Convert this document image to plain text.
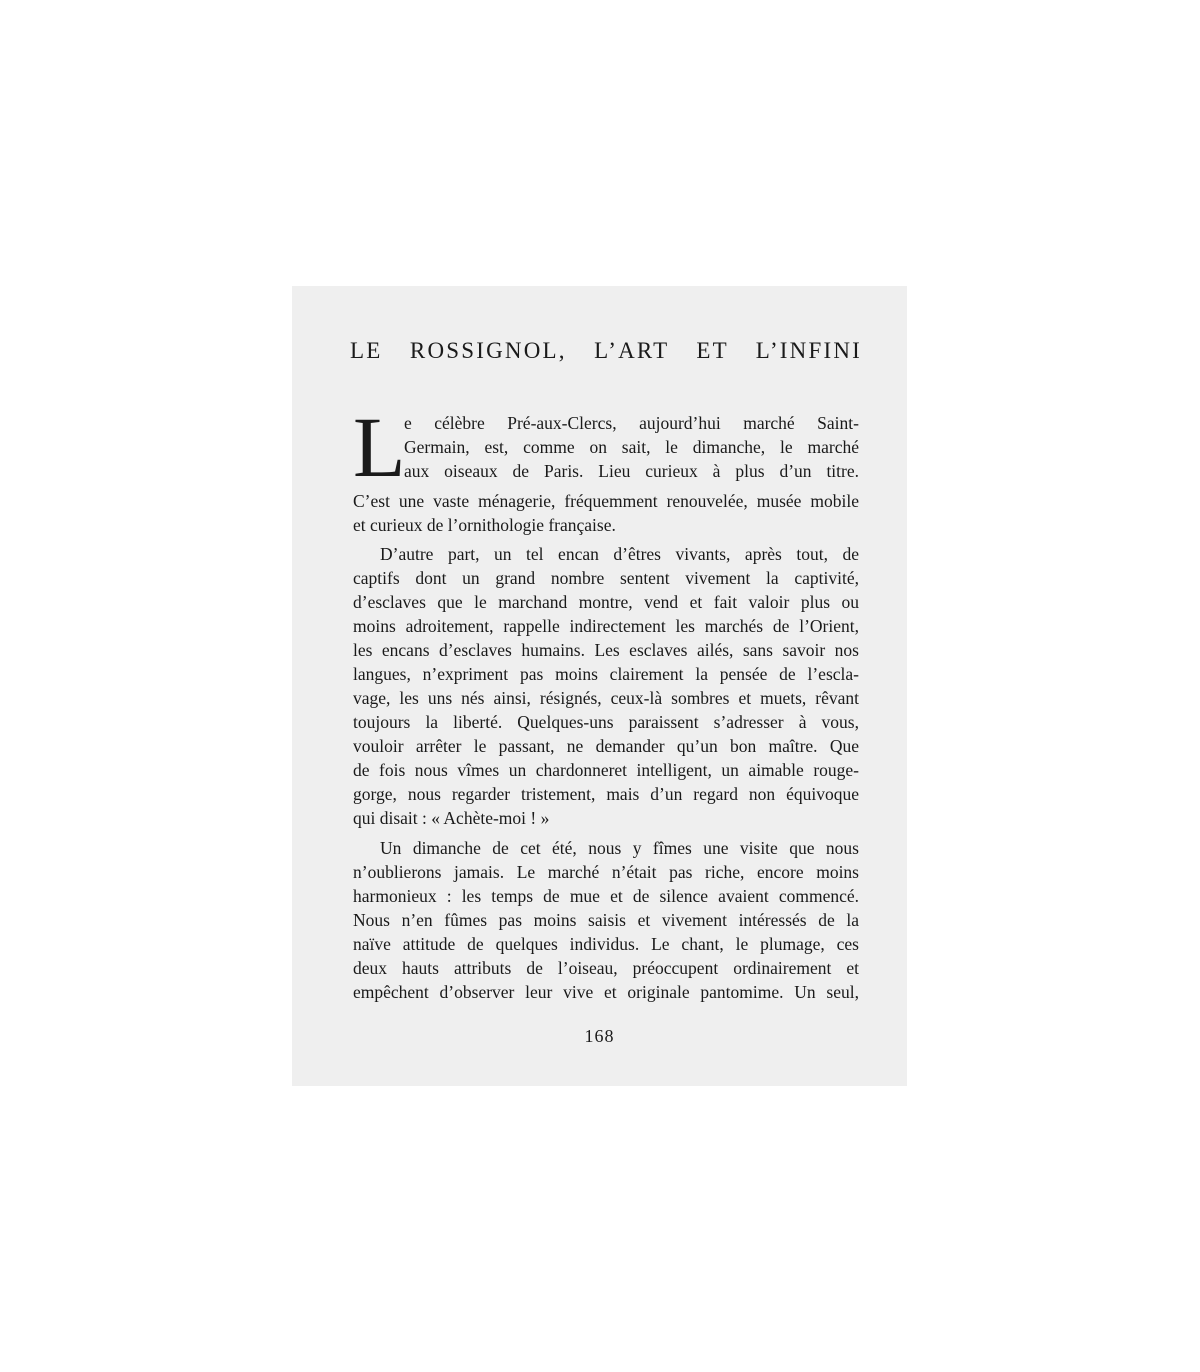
LE ROSSIGNOL, L’ART ET L’INFINI
L
e célèbre Pré-aux-Clercs, aujourd’hui marché Saint-
Germain, est, comme on sait, le dimanche, le marché
aux oiseaux de Paris. Lieu curieux à plus d’un titre.
C’est une vaste ménagerie, fréquemment renouvelée, musée mobile
et curieux de l’ornithologie française.
D’autre part, un tel encan d’êtres vivants, après tout, de
captifs dont un grand nombre sentent vivement la captivité,
d’esclaves que le marchand montre, vend et fait valoir plus ou
moins adroitement, rappelle indirectement les marchés de l’Orient,
les encans d’esclaves humains. Les esclaves ailés, sans savoir nos
langues, n’expriment pas moins clairement la pensée de l’escla-
vage, les uns nés ainsi, résignés, ceux-là sombres et muets, rêvant
toujours la liberté. Quelques-uns paraissent s’adresser à vous,
vouloir arrêter le passant, ne demander qu’un bon maître. Que
de fois nous vîmes un chardonneret intelligent, un aimable rouge-
gorge, nous regarder tristement, mais d’un regard non équivoque
qui disait : « Achète-moi ! »
Un dimanche de cet été, nous y fîmes une visite que nous
n’oublierons jamais. Le marché n’était pas riche, encore moins
harmonieux : les temps de mue et de silence avaient commencé.
Nous n’en fûmes pas moins saisis et vivement intéressés de la
naïve attitude de quelques individus. Le chant, le plumage, ces
deux hauts attributs de l’oiseau, préoccupent ordinairement et
empêchent d’observer leur vive et originale pantomime. Un seul,
168
